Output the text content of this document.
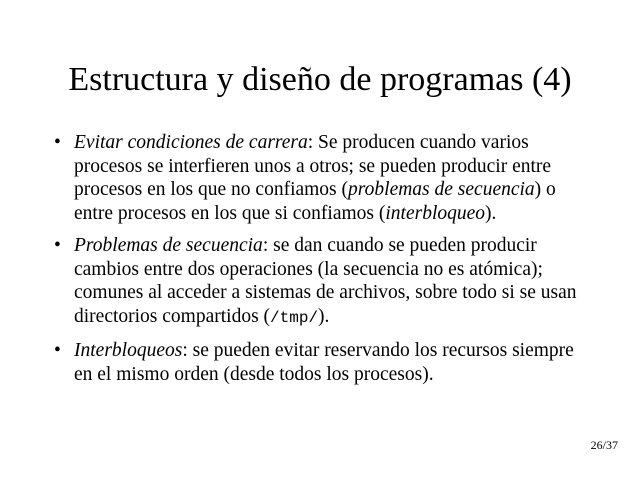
Estructura y diseño de programas (4)
• Evitar condiciones de carrera: Se producen cuando varios procesos se interfieren unos a otros; se pueden producir entre procesos en los que no confiamos (problemas de secuencia) o entre procesos en los que si confiamos (interbloqueo).
• Problemas de secuencia: se dan cuando se pueden producir cambios entre dos operaciones (la secuencia no es atómica); comunes al acceder a sistemas de archivos, sobre todo si se usan directorios compartidos (/tmp/).
• Interbloqueos: se pueden evitar reservando los recursos siempre en el mismo orden (desde todos los procesos).
26/37
